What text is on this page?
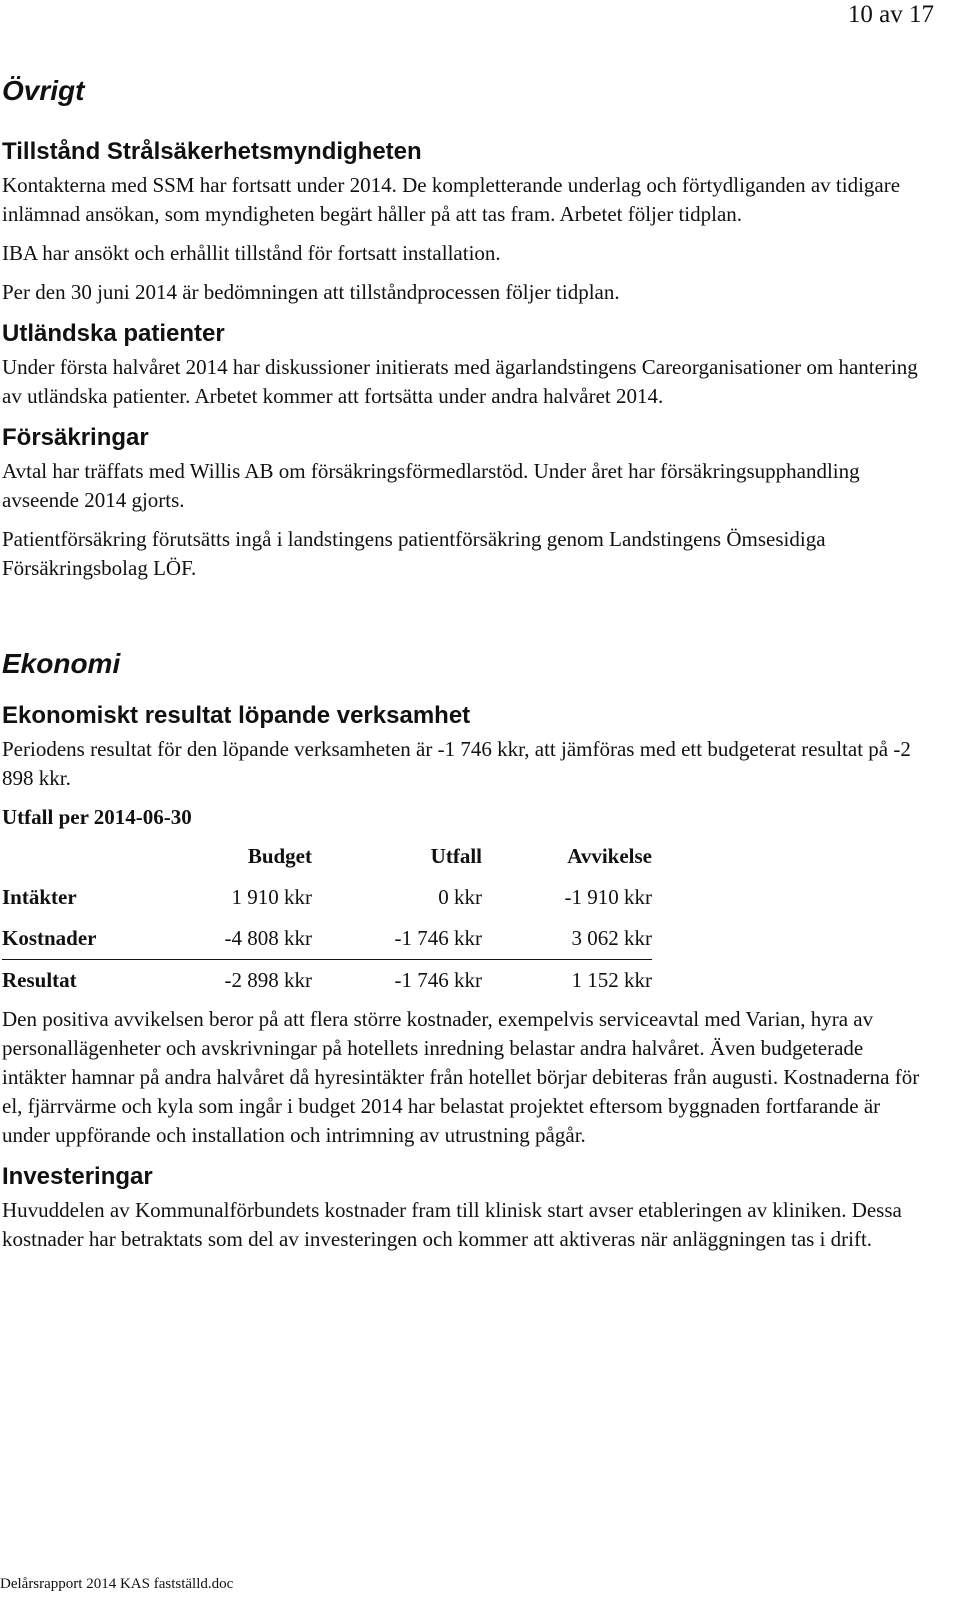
10 av 17
Övrigt
Tillstånd Strålsäkerhetsmyndigheten

Kontakterna med SSM har fortsatt under 2014. De kompletterande underlag och förtydliganden av tidigare inlämnad ansökan, som myndigheten begärt håller på att tas fram. Arbetet följer tidplan.

IBA har ansökt och erhållit tillstånd för fortsatt installation.

Per den 30 juni 2014 är bedömningen att tillståndprocessen följer tidplan.

Utländska patienter

Under första halvåret 2014 har diskussioner initierats med ägarlandstingens Careorganisationer om hantering av utländska patienter. Arbetet kommer att fortsätta under andra halvåret 2014.

Försäkringar

Avtal har träffats med Willis AB om försäkringsförmedlarstöd. Under året har försäkringsupphandling avseende 2014 gjorts.

Patientförsäkring förutsätts ingå i landstingens patientförsäkring genom Landstingens Ömsesidiga Försäkringsbolag LÖF.

Ekonomi
Ekonomiskt resultat löpande verksamhet

Periodens resultat för den löpande verksamheten är -1 746 kkr, att jämföras med ett budgeterat resultat på -2 898 kkr.

Utfall per 2014-06-30

	Budget	Utfall	Avvikelse
Intäkter	1 910 kkr	0 kkr	-1 910 kkr
Kostnader	-4 808 kkr	-1 746 kkr	3 062 kkr
Resultat	-2 898 kkr	-1 746 kkr	1 152 kkr

Den positiva avvikelsen beror på att flera större kostnader, exempelvis serviceavtal med Varian, hyra av personallägenheter och avskrivningar på hotellets inredning belastar andra halvåret. Även budgeterade intäkter hamnar på andra halvåret då hyresintäkter från hotellet börjar debiteras från augusti. Kostnaderna för el, fjärrvärme och kyla som ingår i budget 2014 har belastat projektet eftersom byggnaden fortfarande är under uppförande och installation och intrimning av utrustning pågår.

Investeringar

Huvuddelen av Kommunalförbundets kostnader fram till klinisk start avser etableringen av kliniken. Dessa kostnader har betraktats som del av investeringen och kommer att aktiveras när anläggningen tas i drift.

Delårsrapport 2014 KAS fastställd.doc
